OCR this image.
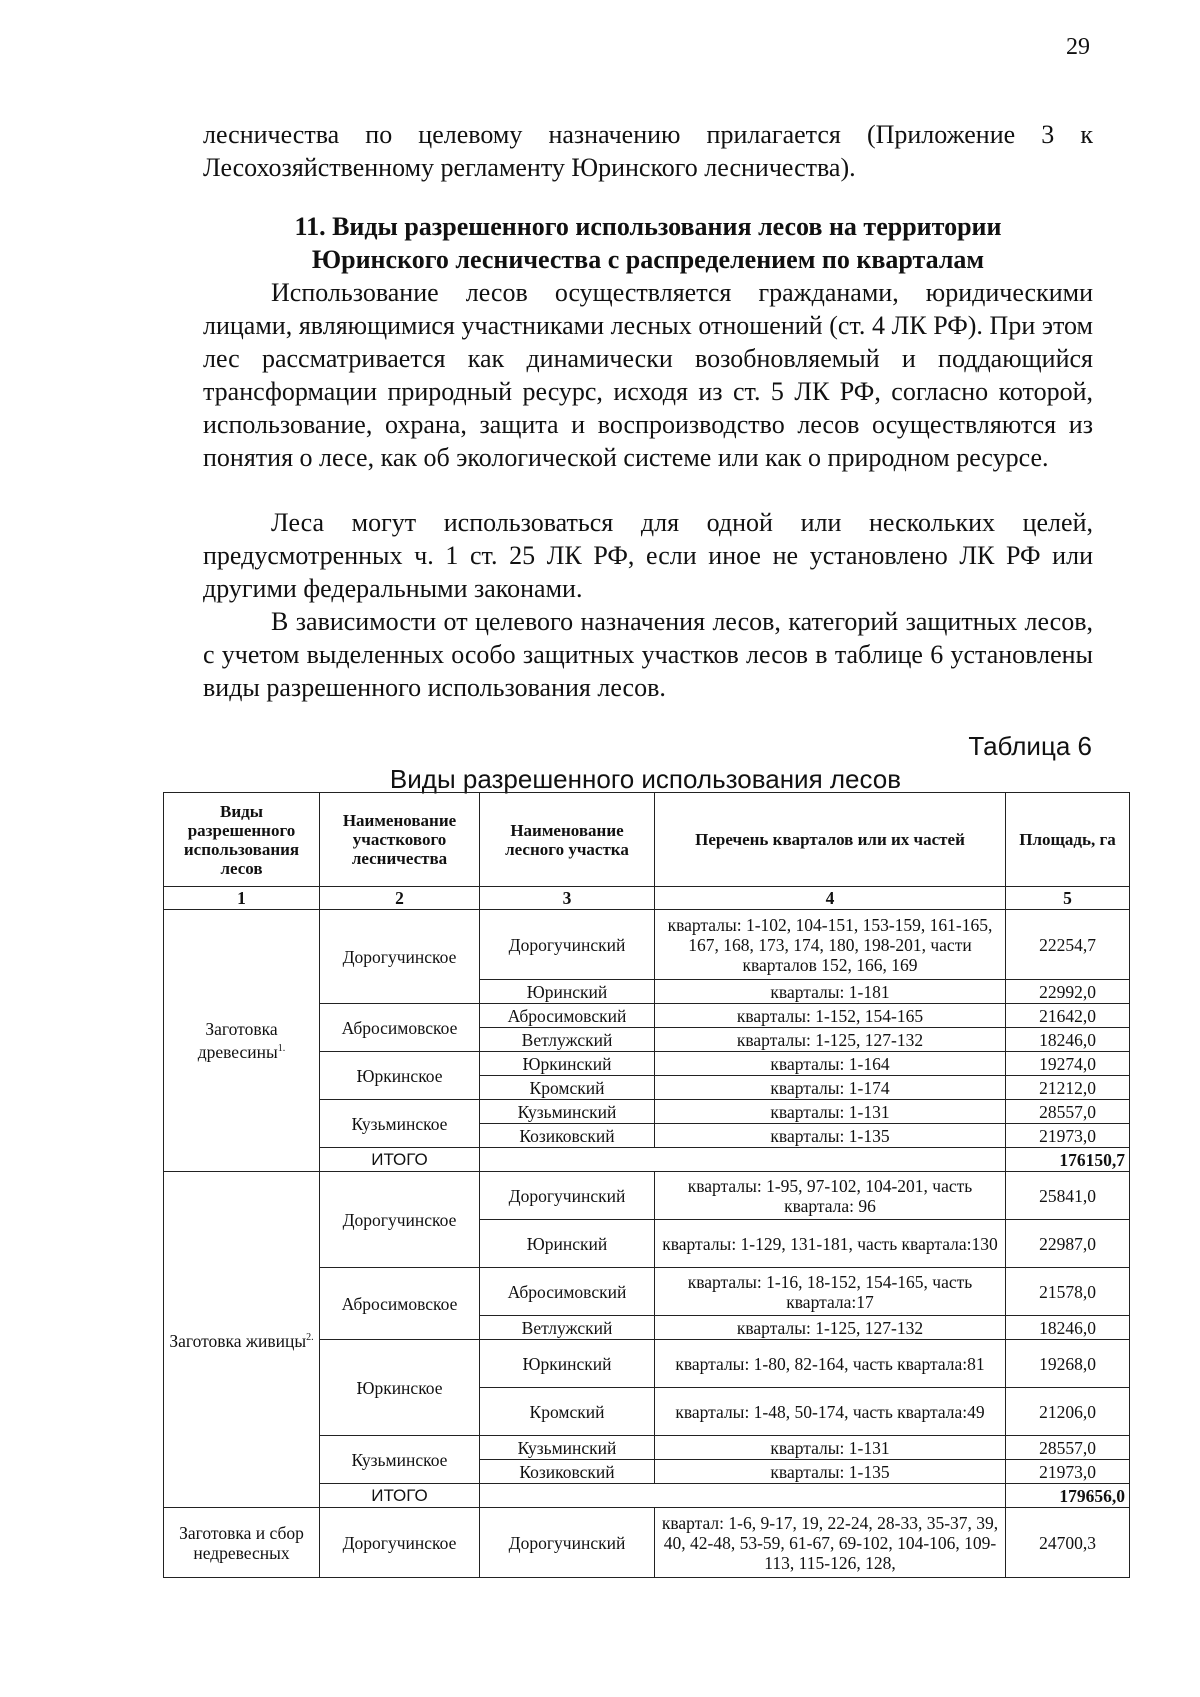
29
лесничества по целевому назначению прилагается (Приложение 3 к Лесохозяйственному регламенту Юринского лесничества).
11. Виды разрешенного использования лесов на территории
Юринского лесничества с распределением по кварталам
Использование лесов осуществляется гражданами, юридическими лицами, являющимися участниками лесных отношений (ст. 4 ЛК РФ). При этом лес рассматривается как динамически возобновляемый и поддающийся трансформации природный ресурс, исходя из ст. 5 ЛК РФ, согласно которой, использование, охрана, защита и воспроизводство лесов осуществляются из понятия о лесе, как об экологической системе или как о природном ресурсе.
Леса могут использоваться для одной или нескольких целей, предусмотренных ч. 1 ст. 25 ЛК РФ, если иное не установлено ЛК РФ или другими федеральными законами.
В зависимости от целевого назначения лесов, категорий защитных лесов, с учетом выделенных особо защитных участков лесов в таблице 6 установлены виды разрешенного использования лесов.
Таблица 6
Виды разрешенного использования лесов
Виды разрешенного использования лесов	Наименование участкового лесничества	Наименование лесного участка	Перечень кварталов или их частей	Площадь, га
1	2	3	4	5
Заготовка древесины$^{1.}$	Дорогучинское	Дорогучинский	кварталы: 1-102, 104-151, 153-159, 161-165, 167, 168, 173, 174, 180, 198-201, части кварталов 152, 166, 169	22254,7
		Юринский	кварталы: 1-181	22992,0
	Абросимовское	Абросимовский	кварталы: 1-152, 154-165	21642,0
		Ветлужский	кварталы: 1-125, 127-132	18246,0
	Юркинское	Юркинский	кварталы: 1-164	19274,0
		Кромский	кварталы: 1-174	21212,0
	Кузьминское	Кузьминский	кварталы: 1-131	28557,0
		Козиковский	кварталы: 1-135	21973,0
	ИТОГО			176150,7
Заготовка живицы$^{2.}$	Дорогучинское	Дорогучинский	кварталы: 1-95, 97-102, 104-201, часть квартала: 96	25841,0
		Юринский	кварталы: 1-129, 131-181, часть квартала:130	22987,0
	Абросимовское	Абросимовский	кварталы: 1-16, 18-152, 154-165, часть квартала:17	21578,0
		Ветлужский	кварталы: 1-125, 127-132	18246,0
	Юркинское	Юркинский	кварталы: 1-80, 82-164, часть квартала:81	19268,0
		Кромский	кварталы: 1-48, 50-174, часть квартала:49	21206,0
	Кузьминское	Кузьминский	кварталы: 1-131	28557,0
		Козиковский	кварталы: 1-135	21973,0
	ИТОГО			179656,0
Заготовка и сбор недревесных	Дорогучинское	Дорогучинский	квартал: 1-6, 9-17, 19, 22-24, 28-33, 35-37, 39, 40, 42-48, 53-59, 61-67, 69-102, 104-106, 109-113, 115-126, 128,	24700,3
